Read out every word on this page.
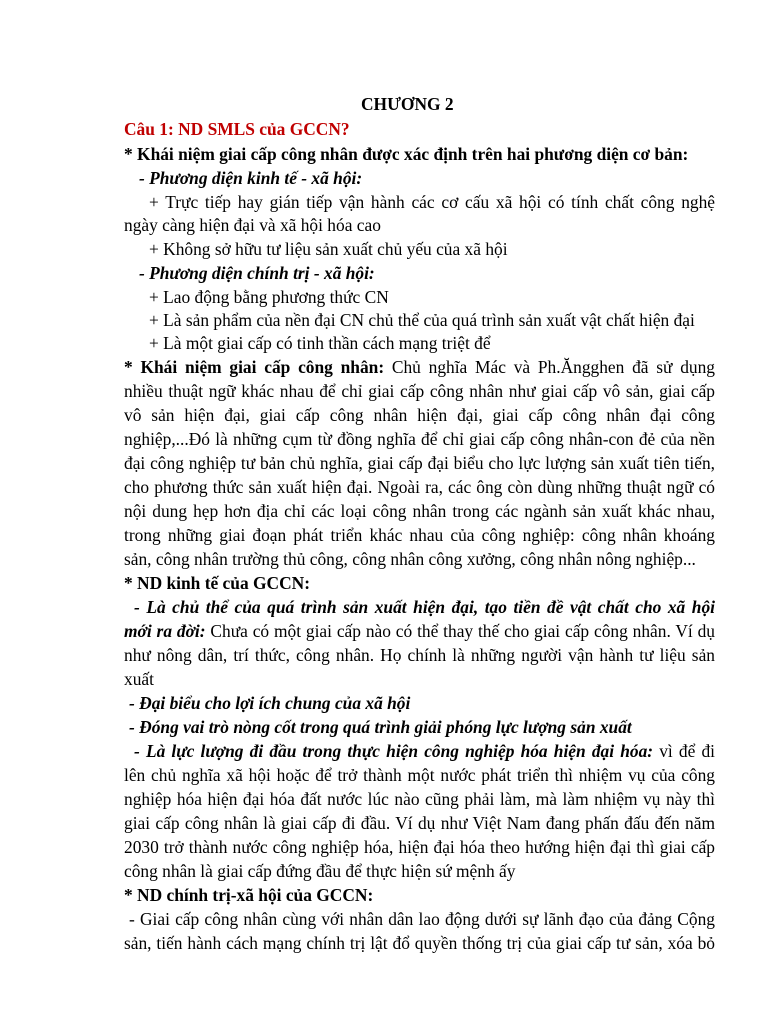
CHƯƠNG 2
Câu 1: ND SMLS của GCCN?
* Khái niệm giai cấp công nhân được xác định trên hai phương diện cơ bản:
- Phương diện kinh tế - xã hội:
+ Trực tiếp hay gián tiếp vận hành các cơ cấu xã hội có tính chất công nghệ
ngày càng hiện đại và xã hội hóa cao
+ Không sở hữu tư liệu sản xuất chủ yếu của xã hội
- Phương diện chính trị - xã hội:
+ Lao động bằng phương thức CN
+ Là sản phẩm của nền đại CN chủ thể của quá trình sản xuất vật chất hiện đại
+ Là một giai cấp có tinh thần cách mạng triệt để
* Khái niệm giai cấp công nhân: Chủ nghĩa Mác và Ph.Ăngghen đã sử dụng
nhiều thuật ngữ khác nhau để chỉ giai cấp công nhân như giai cấp vô sản, giai cấp
vô sản hiện đại, giai cấp công nhân hiện đại, giai cấp công nhân đại công
nghiệp,...Đó là những cụm từ đồng nghĩa để chỉ giai cấp công nhân-con đẻ của nền
đại công nghiệp tư bản chủ nghĩa, giai cấp đại biểu cho lực lượng sản xuất tiên tiến,
cho phương thức sản xuất hiện đại. Ngoài ra, các ông còn dùng những thuật ngữ có
nội dung hẹp hơn địa chỉ các loại công nhân trong các ngành sản xuất khác nhau,
trong những giai đoạn phát triển khác nhau của công nghiệp: công nhân khoáng
sản, công nhân trường thủ công, công nhân công xưởng, công nhân nông nghiệp...
* ND kinh tế của GCCN:
- Là chủ thể của quá trình sản xuất hiện đại, tạo tiền đề vật chất cho xã hội
mới ra đời: Chưa có một giai cấp nào có thể thay thế cho giai cấp công nhân. Ví dụ
như nông dân, trí thức, công nhân. Họ chính là những người vận hành tư liệu sản
xuất
- Đại biểu cho lợi ích chung của xã hội
- Đóng vai trò nòng cốt trong quá trình giải phóng lực lượng sản xuất
- Là lực lượng đi đầu trong thực hiện công nghiệp hóa hiện đại hóa: vì để đi
lên chủ nghĩa xã hội hoặc để trở thành một nước phát triển thì nhiệm vụ của công
nghiệp hóa hiện đại hóa đất nước lúc nào cũng phải làm, mà làm nhiệm vụ này thì
giai cấp công nhân là giai cấp đi đầu. Ví dụ như Việt Nam đang phấn đấu đến năm
2030 trở thành nước công nghiệp hóa, hiện đại hóa theo hướng hiện đại thì giai cấp
công nhân là giai cấp đứng đầu để thực hiện sứ mệnh ấy
* ND chính trị-xã hội của GCCN:
- Giai cấp công nhân cùng với nhân dân lao động dưới sự lãnh đạo của đảng Cộng
sản, tiến hành cách mạng chính trị lật đổ quyền thống trị của giai cấp tư sản, xóa bỏ
